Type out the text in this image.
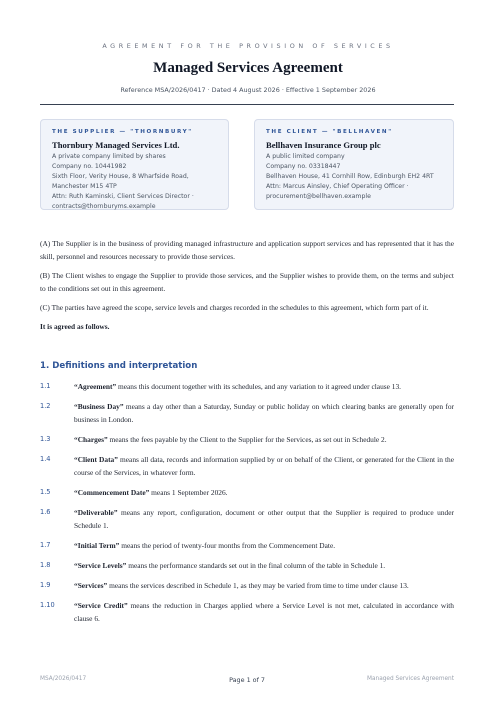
AGREEMENT FOR THE PROVISION OF SERVICES
Managed Services Agreement
Reference MSA/2026/0417 · Dated 4 August 2026 · Effective 1 September 2026
THE SUPPLIER — "THORNBURY"
Thornbury Managed Services Ltd.
A private company limited by shares
Company no. 10441982
Sixth Floor, Verity House, 8 Wharfside Road,
Manchester M15 4TP
Attn: Ruth Kaminski, Client Services Director ·
contracts@thornburyms.example
THE CLIENT — "BELLHAVEN"
Bellhaven Insurance Group plc
A public limited company
Company no. 03318447
Bellhaven House, 41 Cornhill Row, Edinburgh EH2 4RT
Attn: Marcus Ainsley, Chief Operating Officer ·
procurement@bellhaven.example

(A) The Supplier is in the business of providing managed infrastructure and application support services and has represented that it has the skill, personnel and resources necessary to provide those services.

(B) The Client wishes to engage the Supplier to provide those services, and the Supplier wishes to provide them, on the terms and subject to the conditions set out in this agreement.

(C) The parties have agreed the scope, service levels and charges recorded in the schedules to this agreement, which form part of it.

It is agreed as follows.

1. Definitions and interpretation
1.1	“Agreement” means this document together with its schedules, and any variation to it agreed under clause 13.
1.2	“Business Day” means a day other than a Saturday, Sunday or public holiday on which clearing banks are generally open for business in London.
1.3	“Charges” means the fees payable by the Client to the Supplier for the Services, as set out in Schedule 2.
1.4	“Client Data” means all data, records and information supplied by or on behalf of the Client, or generated for the Client in the course of the Services, in whatever form.
1.5	“Commencement Date” means 1 September 2026.
1.6	“Deliverable” means any report, configuration, document or other output that the Supplier is required to produce under Schedule 1.
1.7	“Initial Term” means the period of twenty-four months from the Commencement Date.
1.8	“Service Levels” means the performance standards set out in the final column of the table in Schedule 1.
1.9	“Services” means the services described in Schedule 1, as they may be varied from time to time under clause 13.
1.10	“Service Credit” means the reduction in Charges applied where a Service Level is not met, calculated in accordance with clause 6.
MSA/2026/0417	Page 1 of 7	Managed Services Agreement
